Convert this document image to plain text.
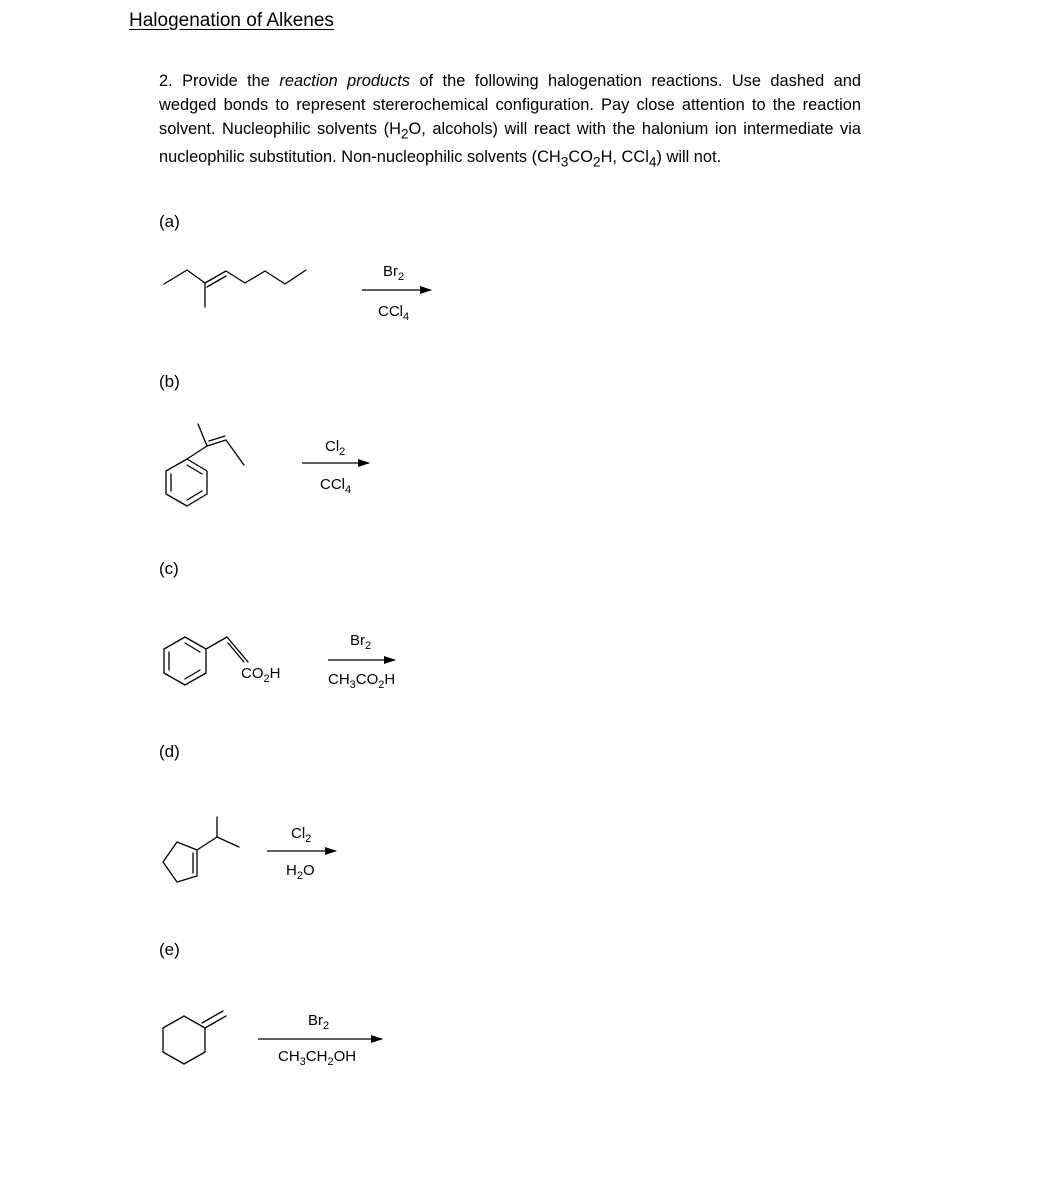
Halogenation of Alkenes
2. Provide the reaction products of the following halogenation reactions. Use dashed and wedged bonds to represent stererochemical configuration. Pay close attention to the reaction solvent. Nucleophilic solvents ($H_2O$, alcohols) will react with the halonium ion intermediate via nucleophilic substitution. Non-nucleophilic solvents ($CH_3CO_2H$, CCl$_4$) will not.
(a)
(b)
(c)
(d)
(e)
$Br_2$
CCl$_4$
$Cl_2$
CCl$_4$
$CO_2H$
$Br_2$
$CH_3CO_2H$
$Cl_2$
$H_2O$
$Br_2$
$CH_3CH_2OH$
